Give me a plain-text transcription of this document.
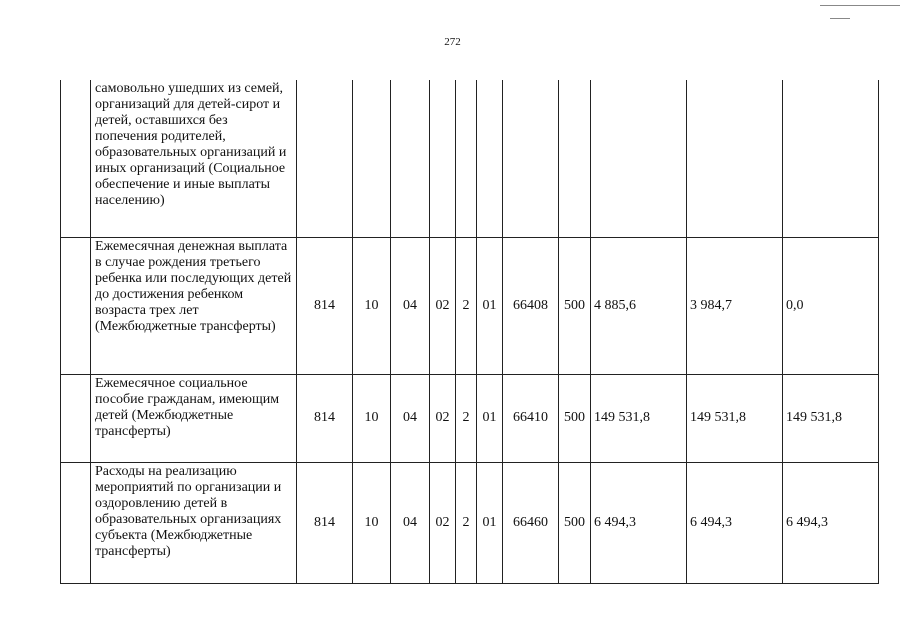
272
	самовольно ушедших из семей, организаций для детей-сирот и детей, оставшихся без попечения родителей, образовательных организаций и иных организаций (Социальное обеспечение и иные выплаты населению)											
	Ежемесячная денежная выплата в случае рождения третьего ребенка или последующих детей до достижения ребенком возраста трех лет (Межбюджетные трансферты)	814	10	04	02	2	01	66408	500	4 885,6	3 984,7	0,0
	Ежемесячное социальное пособие гражданам, имеющим детей (Межбюджетные трансферты)	814	10	04	02	2	01	66410	500	149 531,8	149 531,8	149 531,8
	Расходы на реализацию мероприятий по организации и оздоровлению детей в образовательных организациях субъекта (Межбюджетные трансферты)	814	10	04	02	2	01	66460	500	6 494,3	6 494,3	6 494,3
